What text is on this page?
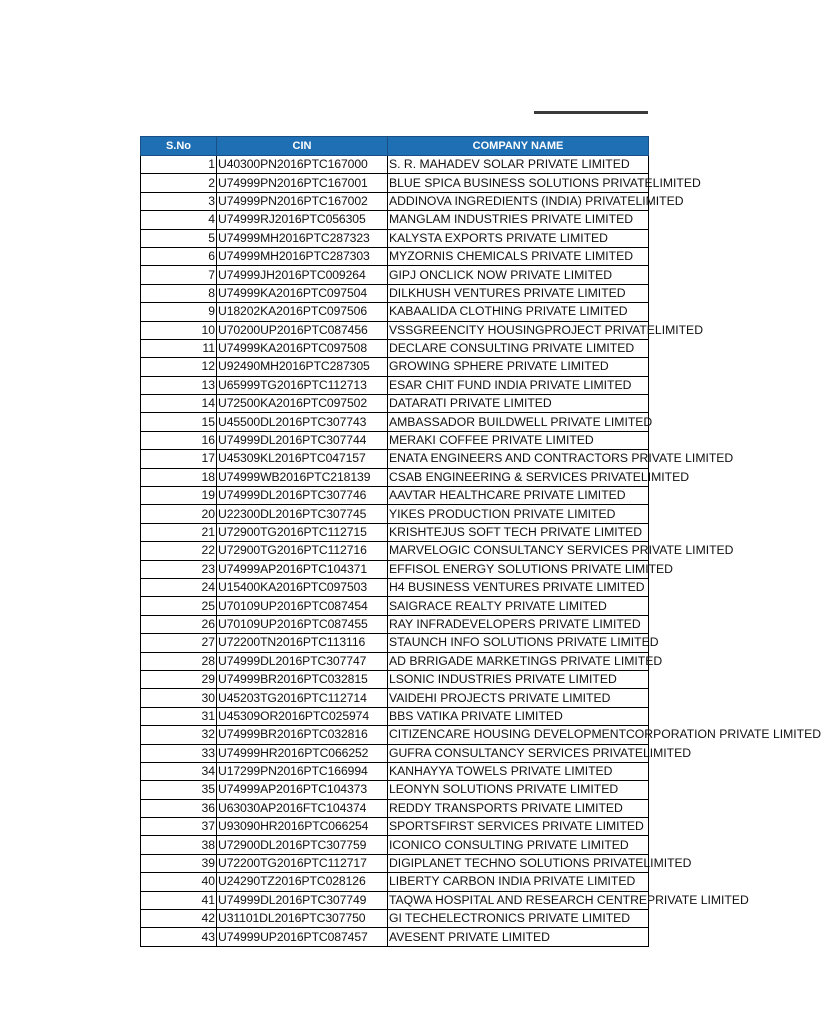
S.No	CIN	COMPANY NAME
1	U40300PN2016PTC167000	S. R. MAHADEV SOLAR PRIVATE LIMITED
2	U74999PN2016PTC167001	BLUE SPICA BUSINESS SOLUTIONS PRIVATELIMITED
3	U74999PN2016PTC167002	ADDINOVA INGREDIENTS (INDIA) PRIVATELIMITED
4	U74999RJ2016PTC056305	MANGLAM INDUSTRIES PRIVATE LIMITED
5	U74999MH2016PTC287323	KALYSTA EXPORTS PRIVATE LIMITED
6	U74999MH2016PTC287303	MYZORNIS CHEMICALS PRIVATE LIMITED
7	U74999JH2016PTC009264	GIPJ ONCLICK NOW PRIVATE LIMITED
8	U74999KA2016PTC097504	DILKHUSH VENTURES PRIVATE LIMITED
9	U18202KA2016PTC097506	KABAALIDA CLOTHING PRIVATE LIMITED
10	U70200UP2016PTC087456	VSSGREENCITY HOUSINGPROJECT PRIVATELIMITED
11	U74999KA2016PTC097508	DECLARE CONSULTING PRIVATE LIMITED
12	U92490MH2016PTC287305	GROWING SPHERE PRIVATE LIMITED
13	U65999TG2016PTC112713	ESAR CHIT FUND INDIA PRIVATE LIMITED
14	U72500KA2016PTC097502	DATARATI PRIVATE LIMITED
15	U45500DL2016PTC307743	AMBASSADOR BUILDWELL PRIVATE LIMITED
16	U74999DL2016PTC307744	MERAKI COFFEE PRIVATE LIMITED
17	U45309KL2016PTC047157	ENATA ENGINEERS AND CONTRACTORS PRIVATE LIMITED
18	U74999WB2016PTC218139	CSAB ENGINEERING & SERVICES PRIVATELIMITED
19	U74999DL2016PTC307746	AAVTAR HEALTHCARE PRIVATE LIMITED
20	U22300DL2016PTC307745	YIKES PRODUCTION PRIVATE LIMITED
21	U72900TG2016PTC112715	KRISHTEJUS SOFT TECH PRIVATE LIMITED
22	U72900TG2016PTC112716	MARVELOGIC CONSULTANCY SERVICES PRIVATE LIMITED
23	U74999AP2016PTC104371	EFFISOL ENERGY SOLUTIONS PRIVATE LIMITED
24	U15400KA2016PTC097503	H4 BUSINESS VENTURES PRIVATE LIMITED
25	U70109UP2016PTC087454	SAIGRACE REALTY PRIVATE LIMITED
26	U70109UP2016PTC087455	RAY INFRADEVELOPERS PRIVATE LIMITED
27	U72200TN2016PTC113116	STAUNCH INFO SOLUTIONS PRIVATE LIMITED
28	U74999DL2016PTC307747	AD BRRIGADE MARKETINGS PRIVATE LIMITED
29	U74999BR2016PTC032815	LSONIC INDUSTRIES PRIVATE LIMITED
30	U45203TG2016PTC112714	VAIDEHI PROJECTS PRIVATE LIMITED
31	U45309OR2016PTC025974	BBS VATIKA PRIVATE LIMITED
32	U74999BR2016PTC032816	CITIZENCARE HOUSING DEVELOPMENTCORPORATION PRIVATE LIMITED
33	U74999HR2016PTC066252	GUFRA CONSULTANCY SERVICES PRIVATELIMITED
34	U17299PN2016PTC166994	KANHAYYA TOWELS PRIVATE LIMITED
35	U74999AP2016PTC104373	LEONYN SOLUTIONS PRIVATE LIMITED
36	U63030AP2016FTC104374	REDDY TRANSPORTS PRIVATE LIMITED
37	U93090HR2016PTC066254	SPORTSFIRST SERVICES PRIVATE LIMITED
38	U72900DL2016PTC307759	ICONICO CONSULTING PRIVATE LIMITED
39	U72200TG2016PTC112717	DIGIPLANET TECHNO SOLUTIONS PRIVATELIMITED
40	U24290TZ2016PTC028126	LIBERTY CARBON INDIA PRIVATE LIMITED
41	U74999DL2016PTC307749	TAQWA HOSPITAL AND RESEARCH CENTREPRIVATE LIMITED
42	U31101DL2016PTC307750	GI TECHELECTRONICS PRIVATE LIMITED
43	U74999UP2016PTC087457	AVESENT PRIVATE LIMITED
